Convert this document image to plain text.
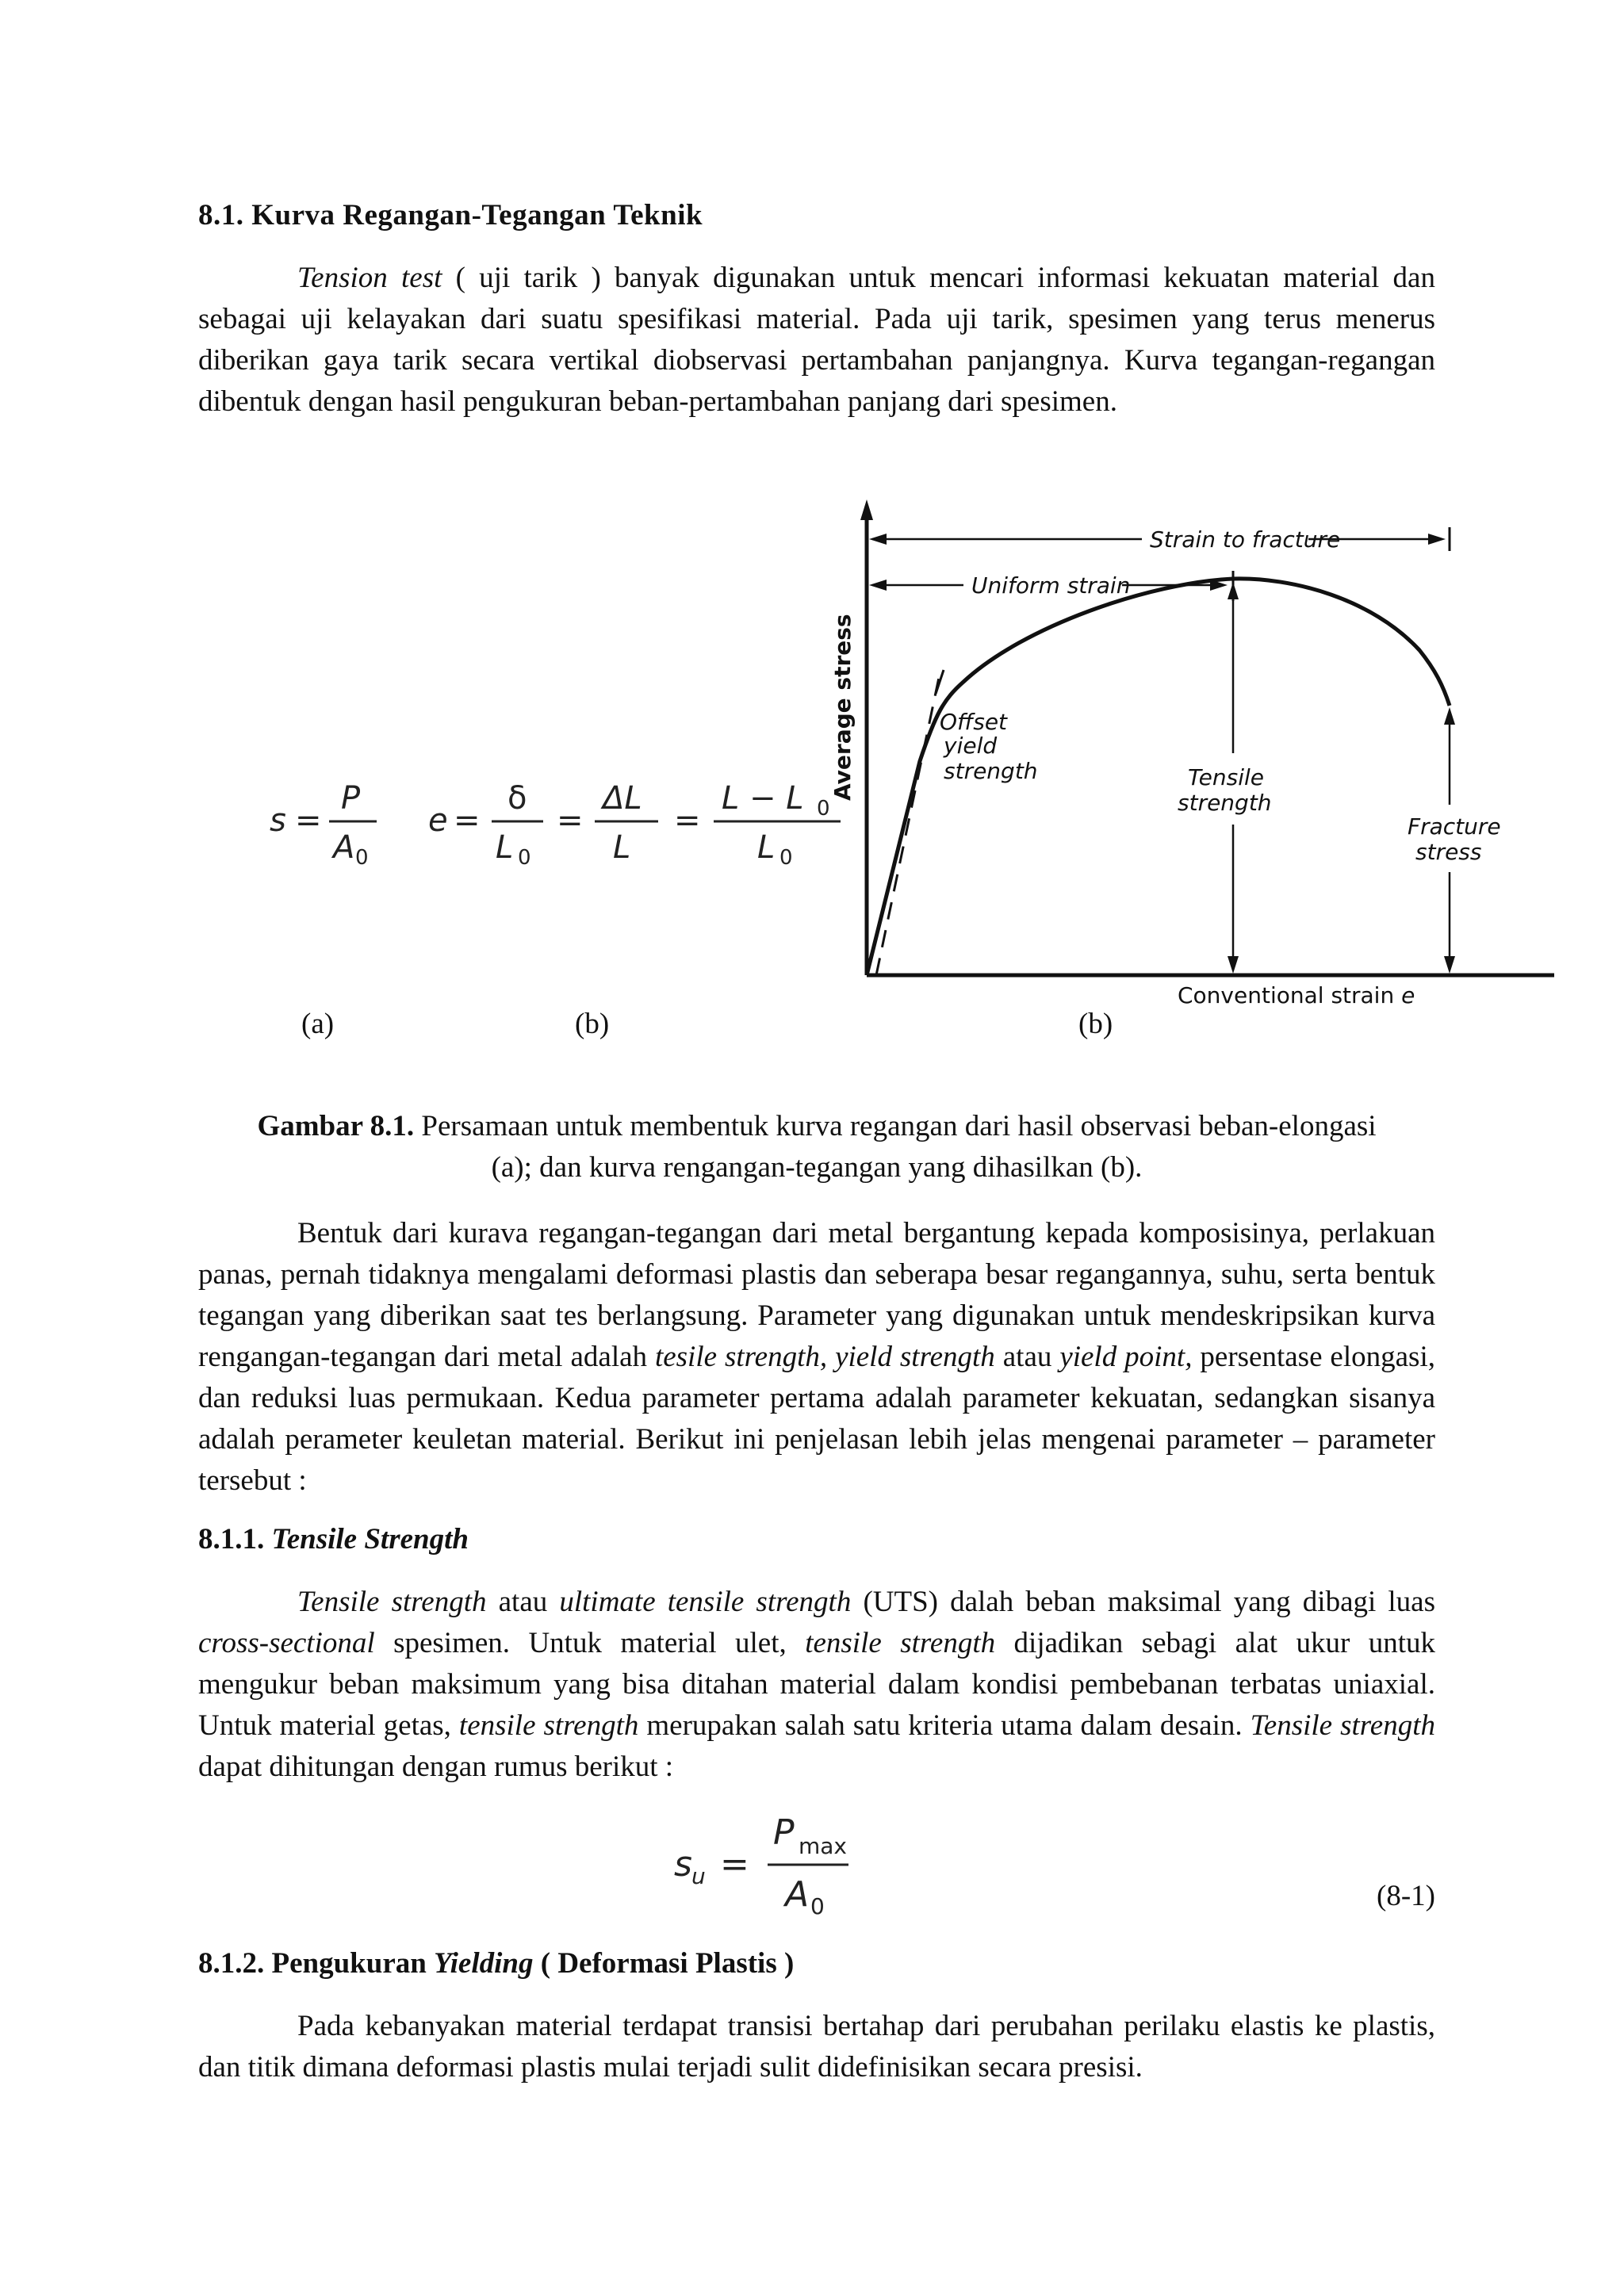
8.1. Kurva Regangan-Tegangan Teknik
Tension test ( uji tarik ) banyak digunakan untuk mencari informasi kekuatan material dan sebagai uji kelayakan dari suatu spesifikasi material. Pada uji tarik, spesimen yang terus menerus diberikan gaya tarik secara vertikal diobservasi pertambahan panjangnya. Kurva tegangan-regangan dibentuk dengan hasil pengukuran beban-pertambahan panjang dari spesimen.
s =
P
A 0
e =
δ
L 0
=
ΔL
L
=
L − L 0
L 0
Strain to fracture
Uniform strain
Offset
yield
strength	Tensile
strength
Fracture
stress
Average stress
Conventional strain e
(a)	(b)	(b)
Gambar 8.1. Persamaan untuk membentuk kurva regangan dari hasil observasi beban-elongasi (a); dan kurva rengangan-tegangan yang dihasilkan (b).
Bentuk dari kurava regangan-tegangan dari metal bergantung kepada komposisinya, perlakuan panas, pernah tidaknya mengalami deformasi plastis dan seberapa besar regangannya, suhu, serta bentuk tegangan yang diberikan saat tes berlangsung. Parameter yang digunakan untuk mendeskripsikan kurva rengangan-tegangan dari metal adalah tesile strength, yield strength atau yield point, persentase elongasi, dan reduksi luas permukaan. Kedua parameter pertama adalah parameter kekuatan, sedangkan sisanya adalah perameter keuletan material. Berikut ini penjelasan lebih jelas mengenai parameter – parameter tersebut :
8.1.1. Tensile Strength
Tensile strength atau ultimate tensile strength (UTS) dalah beban maksimal yang dibagi luas cross-sectional spesimen. Untuk material ulet, tensile strength dijadikan sebagi alat ukur untuk mengukur beban maksimum yang bisa ditahan material dalam kondisi pembebanan terbatas uniaxial. Untuk material getas, tensile strength merupakan salah satu kriteria utama dalam desain. Tensile strength dapat dihitungan dengan rumus berikut :
s u =
P max
A 0	(8-1)
8.1.2. Pengukuran Yielding ( Deformasi Plastis )
Pada kebanyakan material terdapat transisi bertahap dari perubahan perilaku elastis ke plastis, dan titik dimana deformasi plastis mulai terjadi sulit didefinisikan secara presisi.
